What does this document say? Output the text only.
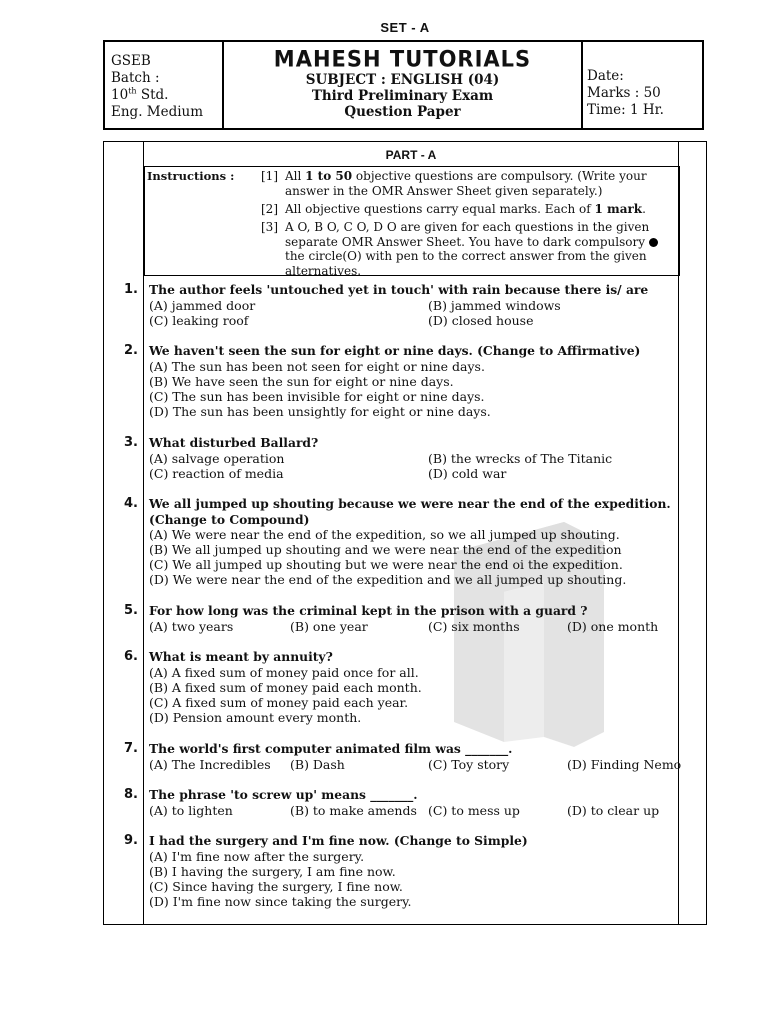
SET - A
GSEB
Batch :
10th Std.
Eng. Medium
MAHESH TUTORIALS
SUBJECT : ENGLISH (04)
Third Preliminary Exam
Question Paper
Date:
Marks : 50
Time: 1 Hr.
PART - A
Instructions : [1] All 1 to 50 objective questions are compulsory. (Write your answer in the OMR Answer Sheet given separately.)
[2] All objective questions carry equal marks. Each of 1 mark.
[3] A O, B O, C O, D O are given for each questions in the given separate OMR Answer Sheet. You have to dark compulsory  the circle(O) with pen to the correct answer from the given alternatives.
1. The author feels 'untouched yet in touch' with rain because there is/ are
(A) jammed door	(B) jammed windows
(C) leaking roof	(D) closed house
2. We haven't seen the sun for eight or nine days. (Change to Affirmative)
(A) The sun has been not seen for eight or nine days.
(B) We have seen the sun for eight or nine days.
(C) The sun has been invisible for eight or nine days.
(D) The sun has been unsightly for eight or nine days.
3. What disturbed Ballard?
(A) salvage operation	(B) the wrecks of The Titanic
(C) reaction of media	(D) cold war
4. We all jumped up shouting because we were near the end of the expedition.
(Change to Compound)
(A) We were near the end of the expedition, so we all jumped up shouting.
(B) We all jumped up shouting and we were near the end of the expedition
(C) We all jumped up shouting but we were near the end oi the expedition.
(D) We were near the end of the expedition and we all jumped up shouting.
5. For how long was the criminal kept in the prison with a guard ?
(A) two years	(B) one year	(C) six months	(D) one month
6. What is meant by annuity?
(A) A fixed sum of money paid once for all.
(B) A fixed sum of money paid each month.
(C) A fixed sum of money paid each year.
(D) Pension amount every month.
7. The world's first computer animated film was _______.
(A) The Incredibles (B) Dash	(C) Toy story	(D) Finding Nemo
8. The phrase 'to screw up' means _______.
(A) to lighten	(B) to make amends (C) to mess up	(D) to clear up
9. I had the surgery and I'm fine now. (Change to Simple)
(A) I'm fine now after the surgery.
(B) I having the surgery, I am fine now.
(C) Since having the surgery, I fine now.
(D) I'm fine now since taking the surgery.
